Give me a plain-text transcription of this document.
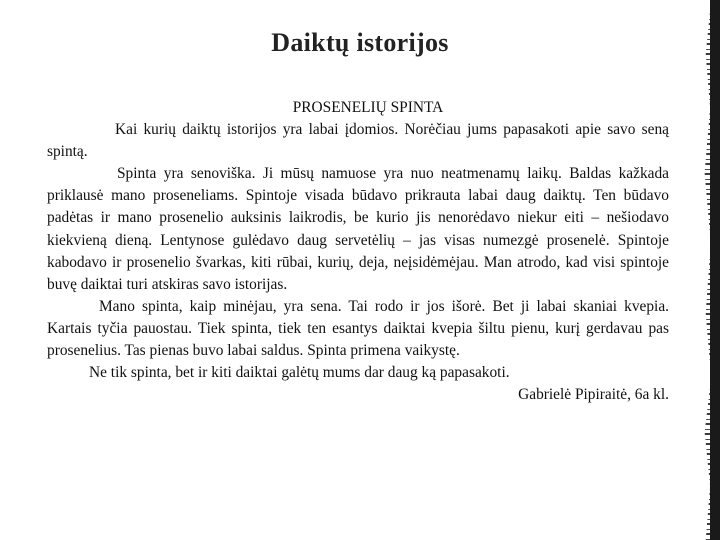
Daiktų istorijos

PROSENELIŲ SPINTA

Kai kurių daiktų istorijos yra labai įdomios. Norėčiau jums papasakoti apie savo seną spintą.

Spinta yra senoviška. Ji mūsų namuose yra nuo neatmenamų laikų. Baldas kažkada priklausė mano proseneliams. Spintoje visada būdavo prikrauta labai daug daiktų. Ten būdavo padėtas ir mano prosenelio auksinis laikrodis, be kurio jis nenorėdavo niekur eiti – nešiodavo kiekvieną dieną. Lentynose gulėdavo daug servetėlių – jas visas numezgė prosenelė. Spintoje kabodavo ir prosenelio švarkas, kiti rūbai, kurių, deja, neįsidėmėjau. Man atrodo, kad visi spintoje buvę daiktai turi atskiras savo istorijas.

Mano spinta, kaip minėjau, yra sena. Tai rodo ir jos išorė. Bet ji labai skaniai kvepia. Kartais tyčia pauostau. Tiek spinta, tiek ten esantys daiktai kvepia šiltu pienu, kurį gerdavau pas prosenelius. Tas pienas buvo labai saldus. Spinta primena vaikystę.

Ne tik spinta, bet ir kiti daiktai galėtų mums dar daug ką papasakoti.

Gabrielė Pipiraitė, 6a kl.
